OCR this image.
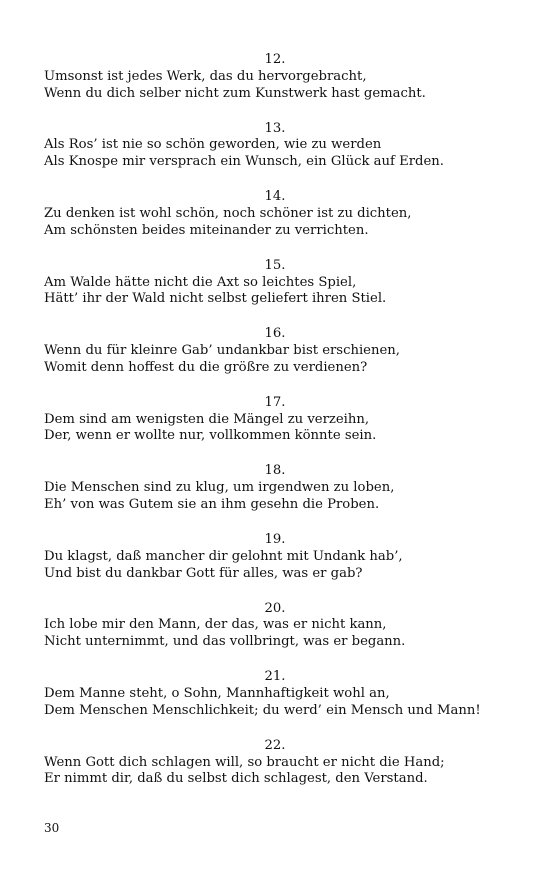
12.
Umsonst ist jedes Werk, das du hervorgebracht,
Wenn du dich selber nicht zum Kunstwerk hast gemacht.
13.
Als Ros’ ist nie so schön geworden, wie zu werden
Als Knospe mir versprach ein Wunsch, ein Glück auf Erden.
14.
Zu denken ist wohl schön, noch schöner ist zu dichten,
Am schönsten beides miteinander zu verrichten.
15.
Am Walde hätte nicht die Axt so leichtes Spiel,
Hätt’ ihr der Wald nicht selbst geliefert ihren Stiel.
16.
Wenn du für kleinre Gab’ undankbar bist erschienen,
Womit denn hoffest du die größre zu verdienen?
17.
Dem sind am wenigsten die Mängel zu verzeihn,
Der, wenn er wollte nur, vollkommen könnte sein.
18.
Die Menschen sind zu klug, um irgendwen zu loben,
Eh’ von was Gutem sie an ihm gesehn die Proben.
19.
Du klagst, daß mancher dir gelohnt mit Undank hab’,
Und bist du dankbar Gott für alles, was er gab?
20.
Ich lobe mir den Mann, der das, was er nicht kann,
Nicht unternimmt, und das vollbringt, was er begann.
21.
Dem Manne steht, o Sohn, Mannhaftigkeit wohl an,
Dem Menschen Menschlichkeit; du werd’ ein Mensch und Mann!
22.
Wenn Gott dich schlagen will, so braucht er nicht die Hand;
Er nimmt dir, daß du selbst dich schlagest, den Verstand.
30
